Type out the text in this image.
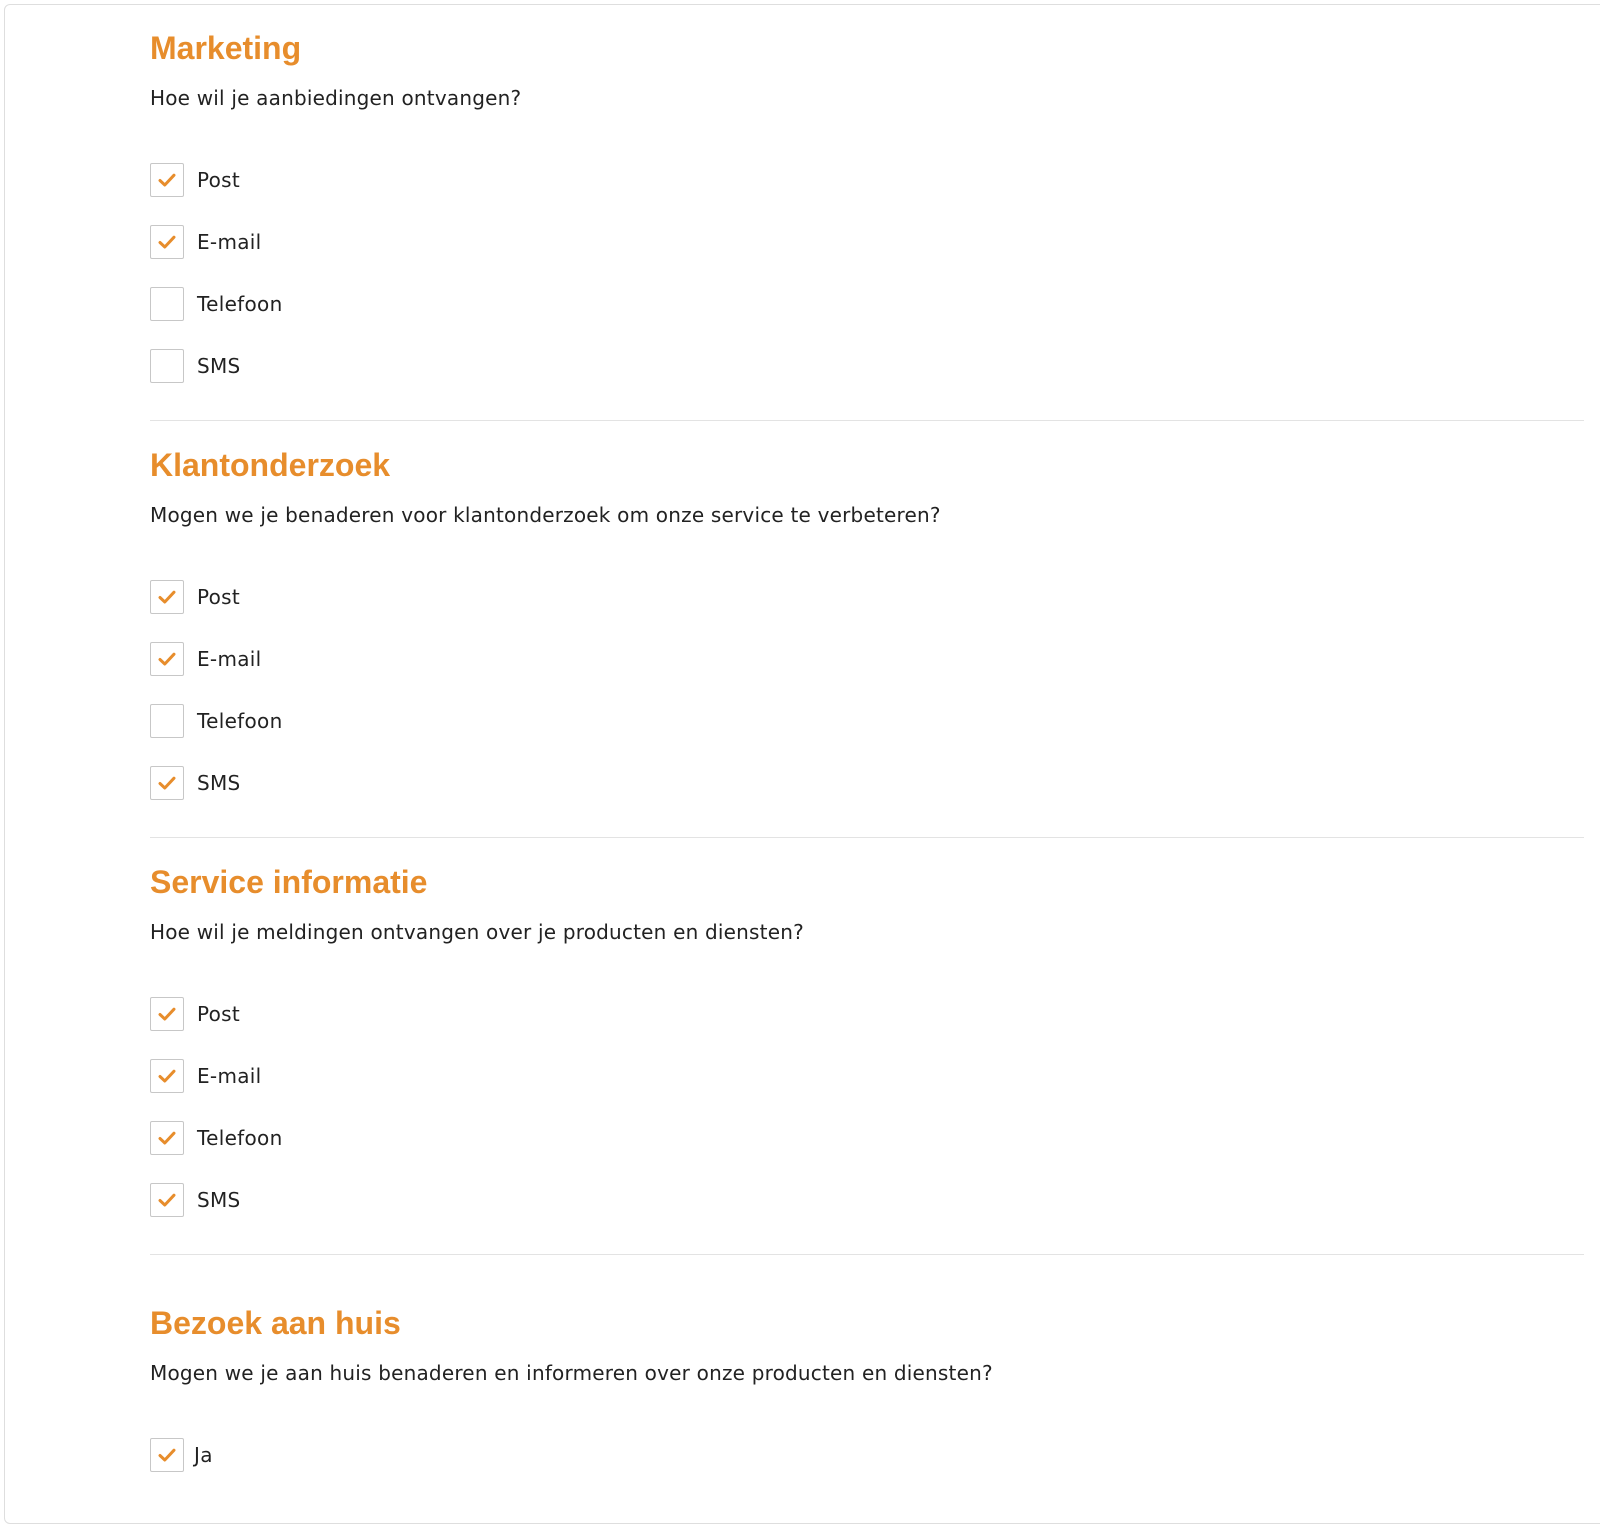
Marketing

Hoe wil je aanbiedingen ontvangen?

Post
E-mail
Telefoon
SMS
Klantonderzoek

Mogen we je benaderen voor klantonderzoek om onze service te verbeteren?

Post
E-mail
Telefoon
SMS
Service informatie

Hoe wil je meldingen ontvangen over je producten en diensten?

Post
E-mail
Telefoon
SMS
Bezoek aan huis

Mogen we je aan huis benaderen en informeren over onze producten en diensten?

Ja
